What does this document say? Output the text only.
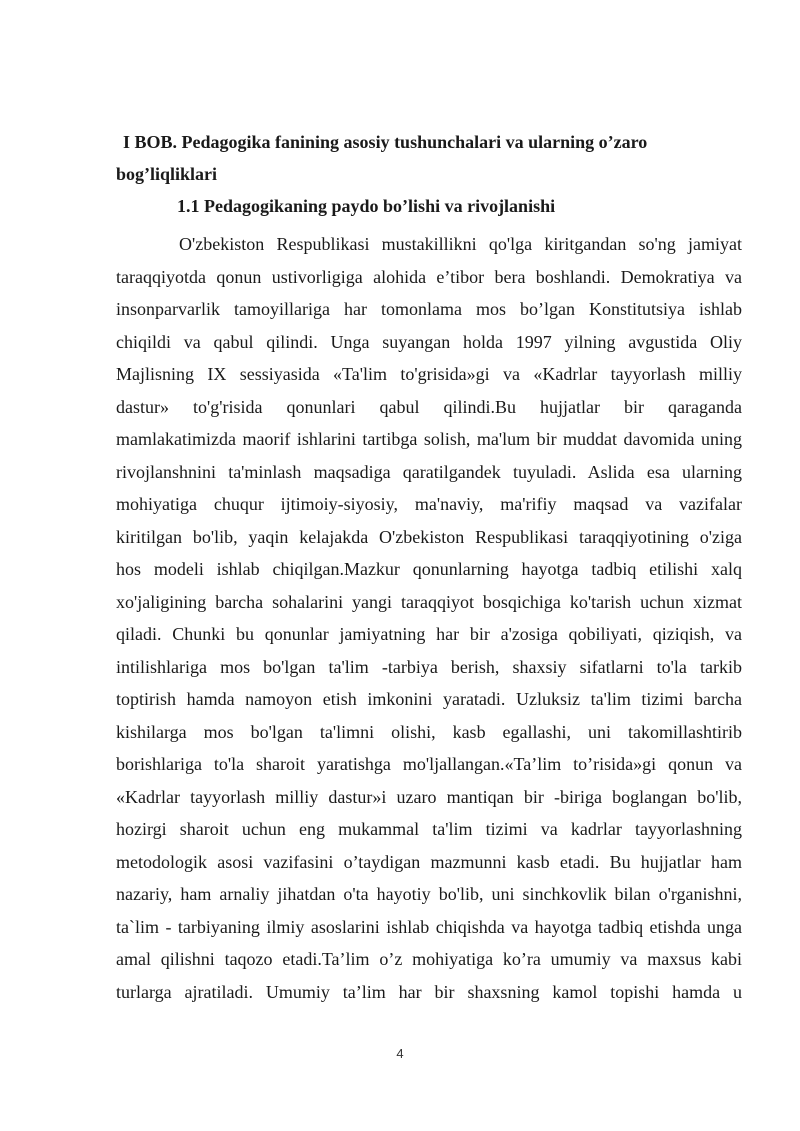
I BOB. Pedagogika fanining asosiy tushunchalari va ularning o’zaro
bog’liqliklari
1.1 Pedagogikaning paydo bo’lishi va rivojlanishi
O'zbekiston Respublikasi mustakillikni qo'lga kiritgandan so'ng jamiyat
taraqqiyotda qonun ustivorligiga alohida e’tibor bera boshlandi. Demokratiya va
insonparvarlik tamoyillariga har tomonlama mos bo’lgan Konstitutsiya ishlab
chiqildi va qabul qilindi. Unga suyangan holda 1997 yilning avgustida Oliy
Majlisning IX sessiyasida «Ta'lim to'grisida»gi va «Kadrlar tayyorlash milliy
dastur» to'g'risida qonunlari qabul qilindi.Bu hujjatlar bir qaraganda
mamlakatimizda maorif ishlarini tartibga solish, ma'lum bir muddat davomida uning
rivojlanshnini ta'minlash maqsadiga qaratilgandek tuyuladi. Aslida esa ularning
mohiyatiga chuqur ijtimoiy-siyosiy, ma'naviy, ma'rifiy maqsad va vazifalar
kiritilgan bo'lib, yaqin kelajakda O'zbekiston Respublikasi taraqqiyotining o'ziga
hos modeli ishlab chiqilgan.Mazkur qonunlarning hayotga tadbiq etilishi xalq
xo'jaligining barcha sohalarini yangi taraqqiyot bosqichiga ko'tarish uchun xizmat
qiladi. Chunki bu qonunlar jamiyatning har bir a'zosiga qobiliyati, qiziqish, va
intilishlariga mos bo'lgan ta'lim -tarbiya berish, shaxsiy sifatlarni to'la tarkib
toptirish hamda namoyon etish imkonini yaratadi. Uzluksiz ta'lim tizimi barcha
kishilarga mos bo'lgan ta'limni olishi, kasb egallashi, uni takomillashtirib
borishlariga to'la sharoit yaratishga mo'ljallangan.«Ta’lim to’risida»gi qonun va
«Kadrlar tayyorlash milliy dastur»i uzaro mantiqan bir -biriga boglangan bo'lib,
hozirgi sharoit uchun eng mukammal ta'lim tizimi va kadrlar tayyorlashning
metodologik asosi vazifasini o’taydigan mazmunni kasb etadi. Bu hujjatlar ham
nazariy, ham arnaliy jihatdan o'ta hayotiy bo'lib, uni sinchkovlik bilan o'rganishni,
ta`lim - tarbiyaning ilmiy asoslarini ishlab chiqishda va hayotga tadbiq etishda unga
amal qilishni taqozo etadi.Ta’lim o’z mohiyatiga ko’ra umumiy va maxsus kabi
turlarga ajratiladi. Umumiy ta’lim har bir shaxsning kamol topishi hamda u
4
